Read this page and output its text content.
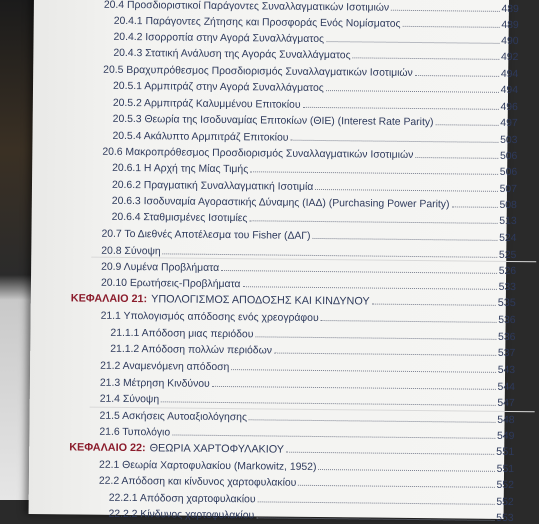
20.4 Προσδιοριστικοί Παράγοντες Συναλλαγματικών Ισοτιμιών	489
20.4.1 Παράγοντες Ζήτησης και Προσφοράς Ενός Νομίσματος	489
20.4.2 Ισορροπία στην Αγορά Συναλλάγματος	490
20.4.3 Στατική Ανάλυση της Αγοράς Συναλλάγματος	492
20.5 Βραχυπρόθεσμος Προσδιορισμός Συναλλαγματικών Ισοτιμιών	494
20.5.1 Αρμπιτράζ στην Αγορά Συναλλάγματος	494
20.5.2 Αρμπιτράζ Καλυμμένου Επιτοκίου	496
20.5.3 Θεωρία της Ισοδυναμίας Επιτοκίων (ΘΙΕ) (Interest Rate Parity)	497
20.5.4 Ακάλυπτο Αρμπιτράζ Επιτοκίου	503
20.6 Μακροπρόθεσμος Προσδιορισμός Συναλλαγματικών Ισοτιμιών	506
20.6.1 Η Αρχή της Μίας Τιμής	506
20.6.2 Πραγματική Συναλλαγματική Ισοτιμία	507
20.6.3 Ισοδυναμία Αγοραστικής Δύναμης (ΙΑΔ) (Purchasing Power Parity)	508
20.6.4 Σταθμισμένες Ισοτιμίες	513
20.7 Το Διεθνές Αποτέλεσμα του Fisher (ΔΑΓ)	524
20.8 Σύνοψη	525
20.9 Λυμένα Προβλήματα	526
20.10 Ερωτήσεις-Προβλήματα	533
ΚΕΦΑΛΑΙΟ 21: ΥΠΟΛΟΓΙΣΜΟΣ ΑΠΟΔΟΣΗΣ ΚΑΙ ΚΙΝΔΥΝΟΥ	535
21.1 Υπολογισμός απόδοσης ενός χρεογράφου	536
21.1.1 Απόδοση μιας περιόδου	536
21.1.2 Απόδοση πολλών περιόδων	537
21.2 Αναμενόμενη απόδοση	543
21.3 Μέτρηση Κινδύνου	544
21.4 Σύνοψη	547
21.5 Ασκήσεις Αυτοαξιολόγησης	548
21.6 Τυπολόγιο	549
ΚΕΦΑΛΑΙΟ 22: ΘΕΩΡΙΑ ΧΑΡΤΟΦΥΛΑΚΙΟΥ	551
22.1 Θεωρία Χαρτοφυλακίου (Markowitz, 1952)	551
22.2 Απόδοση και κίνδυνος χαρτοφυλακίου	552
22.2.1 Απόδοση χαρτοφυλακίου	552
22.2.2 Κίνδυνος χαρτοφυλακίου	553
